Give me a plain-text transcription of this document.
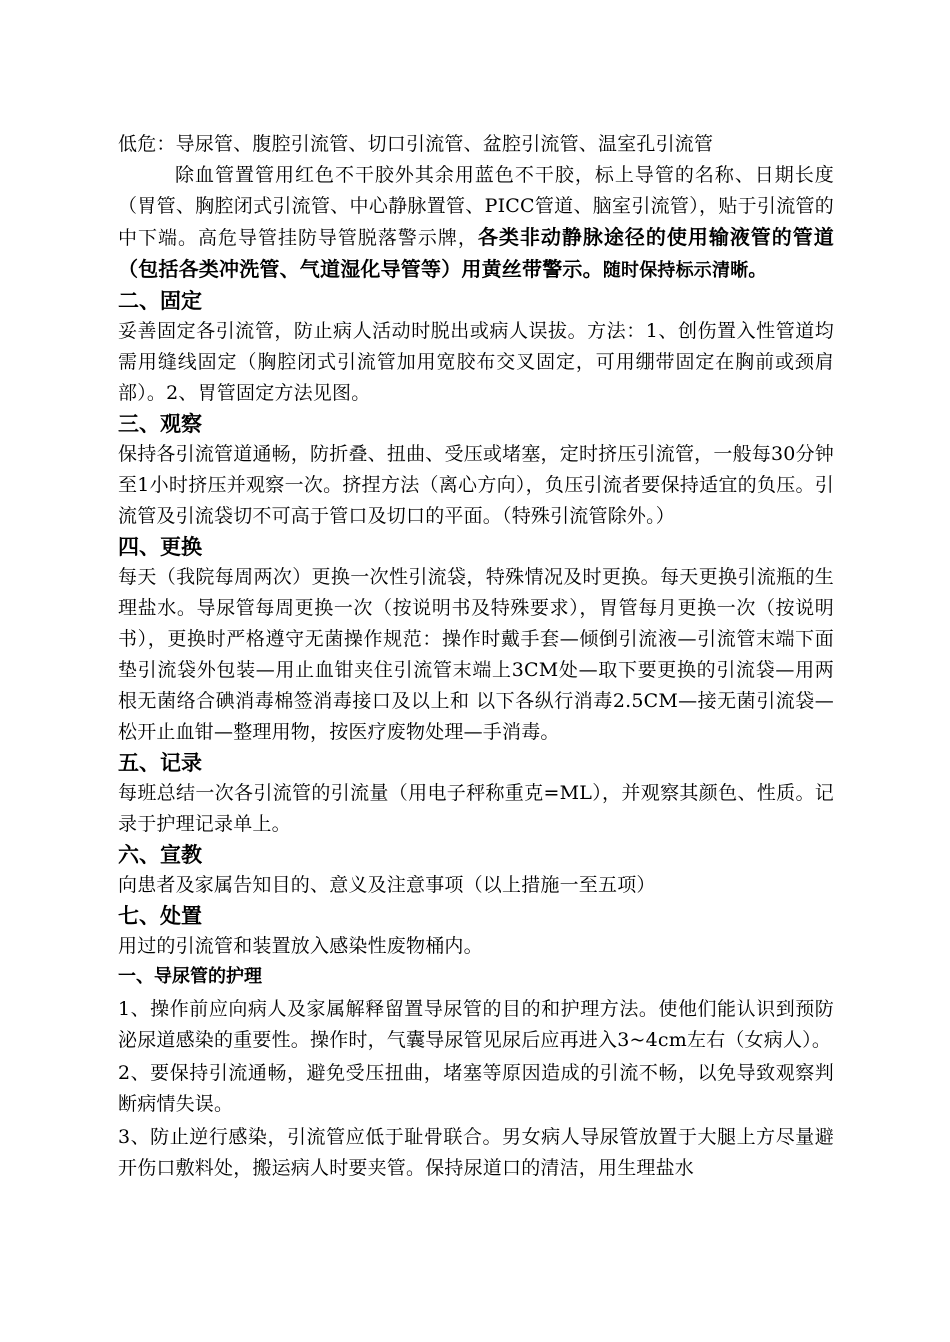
低危：导尿管、腹腔引流管、切口引流管、盆腔引流管、温室孔引流管

除血管置管用红色不干胶外其余用蓝色不干胶，标上导管的名称、日期长度（胃管、胸腔闭式引流管、中心静脉置管、PICC管道、脑室引流管），贴于引流管的中下端。高危导管挂防导管脱落警示牌，各类非动静脉途径的使用输液管的管道（包括各类冲洗管、气道湿化导管等）用黄丝带警示。随时保持标示清晰。

二、固定

妥善固定各引流管，防止病人活动时脱出或病人误拔。方法：1、创伤置入性管道均需用缝线固定（胸腔闭式引流管加用宽胶布交叉固定，可用绷带固定在胸前或颈肩部）。2、胃管固定方法见图。

三、观察

保持各引流管道通畅，防折叠、扭曲、受压或堵塞，定时挤压引流管，一般每30分钟至1小时挤压并观察一次。挤捏方法（离心方向），负压引流者要保持适宜的负压。引流管及引流袋切不可高于管口及切口的平面。（特殊引流管除外。）

四、更换

每天（我院每周两次）更换一次性引流袋，特殊情况及时更换。每天更换引流瓶的生理盐水。导尿管每周更换一次（按说明书及特殊要求），胃管每月更换一次（按说明书），更换时严格遵守无菌操作规范：操作时戴手套—倾倒引流液—引流管末端下面垫引流袋外包装—用止血钳夹住引流管末端上3CM处—取下要更换的引流袋—用两根无菌络合碘消毒棉签消毒接口及以上和 以下各纵行消毒2.5CM—接无菌引流袋—松开止血钳—整理用物，按医疗废物处理—手消毒。

五、记录

每班总结一次各引流管的引流量（用电子秤称重克=ML），并观察其颜色、性质。记录于护理记录单上。

六、宣教

向患者及家属告知目的、意义及注意事项（以上措施一至五项）

七、处置

用过的引流管和装置放入感染性废物桶内。

一、导尿管的护理

1、操作前应向病人及家属解释留置导尿管的目的和护理方法。使他们能认识到预防泌尿道感染的重要性。操作时，气囊导尿管见尿后应再进入3~4cm左右（女病人）。

2、要保持引流通畅，避免受压扭曲，堵塞等原因造成的引流不畅，以免导致观察判断病情失误。

3、防止逆行感染，引流管应低于耻骨联合。男女病人导尿管放置于大腿上方尽量避开伤口敷料处，搬运病人时要夹管。保持尿道口的清洁，用生理盐水
